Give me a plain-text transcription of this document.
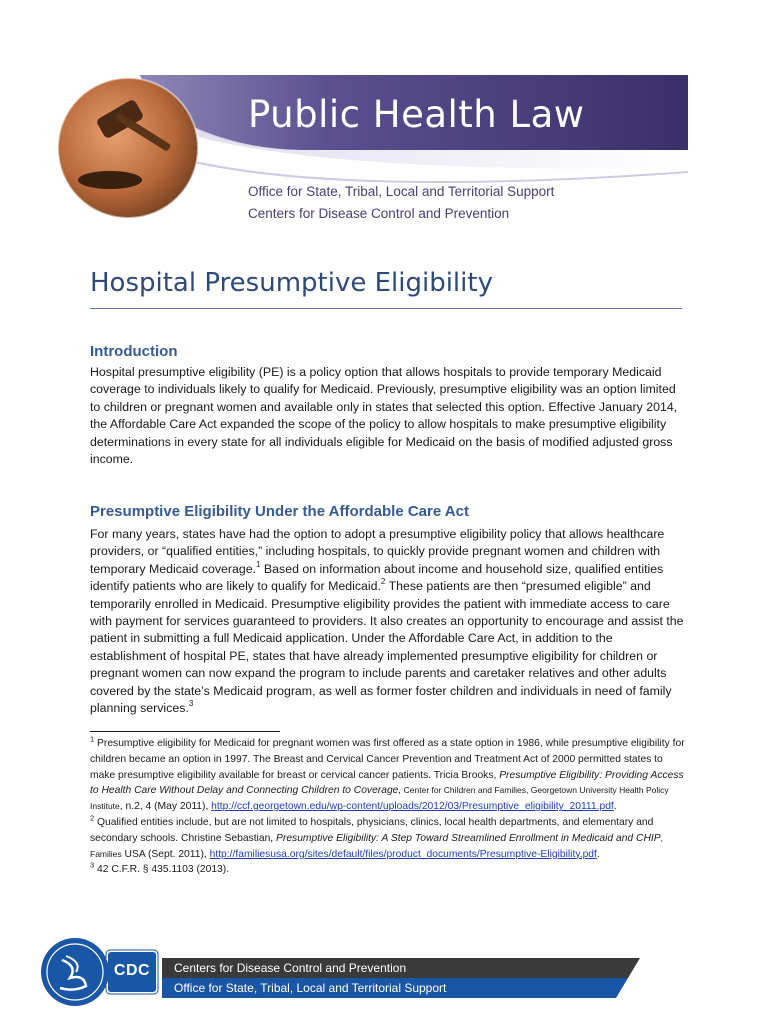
Public Health Law
Office for State, Tribal, Local and Territorial Support
Centers for Disease Control and Prevention
Hospital Presumptive Eligibility
Introduction

Hospital presumptive eligibility (PE) is a policy option that allows hospitals to provide temporary Medicaid coverage to individuals likely to qualify for Medicaid. Previously, presumptive eligibility was an option limited to children or pregnant women and available only in states that selected this option. Effective January 2014, the Affordable Care Act expanded the scope of the policy to allow hospitals to make presumptive eligibility determinations in every state for all individuals eligible for Medicaid on the basis of modified adjusted gross income.

Presumptive Eligibility Under the Affordable Care Act

For many years, states have had the option to adopt a presumptive eligibility policy that allows healthcare providers, or “qualified entities,” including hospitals, to quickly provide pregnant women and children with temporary Medicaid coverage.$^1$ Based on information about income and household size, qualified entities identify patients who are likely to qualify for Medicaid.$^2$ These patients are then “presumed eligible” and temporarily enrolled in Medicaid. Presumptive eligibility provides the patient with immediate access to care with payment for services guaranteed to providers. It also creates an opportunity to encourage and assist the patient in submitting a full Medicaid application. Under the Affordable Care Act, in addition to the establishment of hospital PE, states that have already implemented presumptive eligibility for children or pregnant women can now expand the program to include parents and caretaker relatives and other adults covered by the state’s Medicaid program, as well as former foster children and individuals in need of family planning services.$^3$

$^1$ Presumptive eligibility for Medicaid for pregnant women was first offered as a state option in 1986, while presumptive eligibility for children became an option in 1997. The Breast and Cervical Cancer Prevention and Treatment Act of 2000 permitted states to make presumptive eligibility available for breast or cervical cancer patients. Tricia Brooks, Presumptive Eligibility: Providing Access to Health Care Without Delay and Connecting Children to Coverage, Center for Children and Families, Georgetown University Health Policy Institute, n.2, 4 (May 2011), http://ccf.georgetown.edu/wp-content/uploads/2012/03/Presumptive_eligibility_20111.pdf.
$^2$ Qualified entities include, but are not limited to hospitals, physicians, clinics, local health departments, and elementary and secondary schools. Christine Sebastian, Presumptive Eligibility: A Step Toward Streamlined Enrollment in Medicaid and CHIP, Families USA (Sept. 2011), http://familiesusa.org/sites/default/files/product_documents/Presumptive-Eligibility.pdf.
$^3$ 42 C.F.R. § 435.1103 (2013).
CDC Centers for Disease Control and Prevention
Office for State, Tribal, Local and Territorial Support
